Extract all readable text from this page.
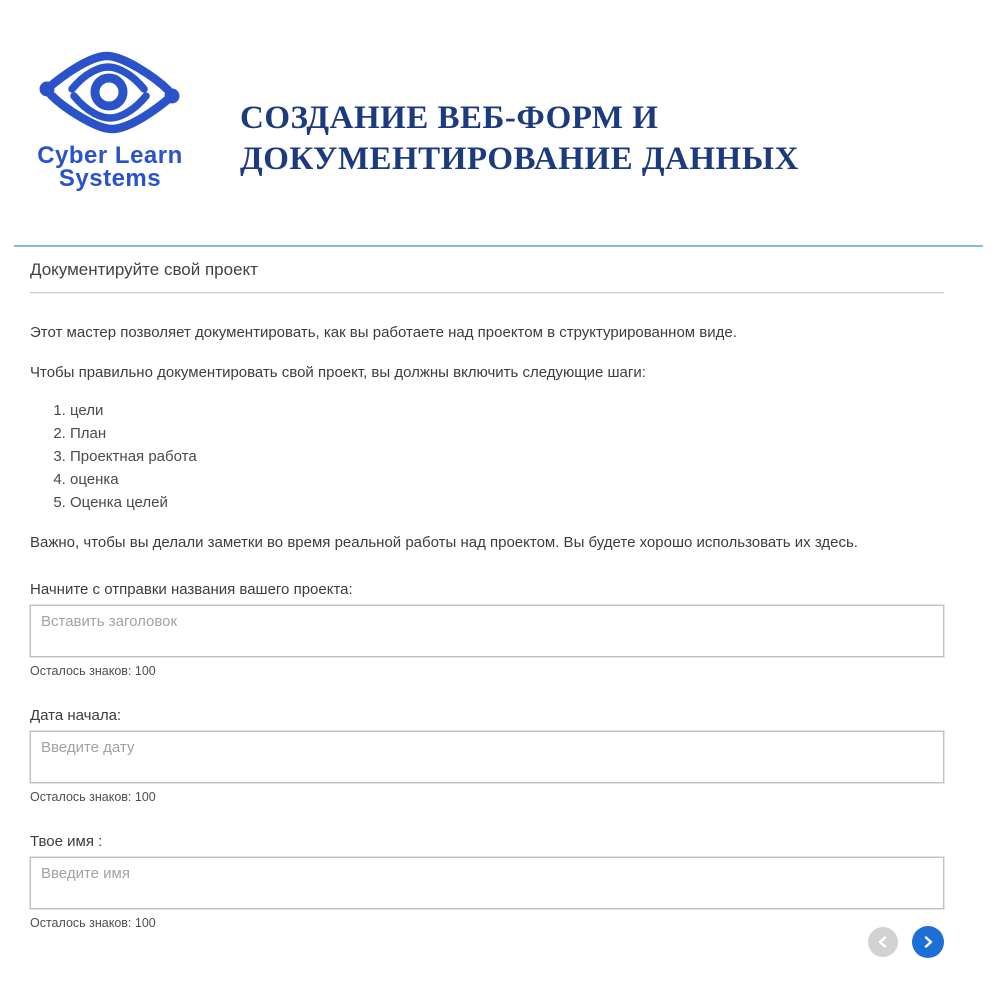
Cyber Learn
Systems
СОЗДАНИЕ ВЕБ-ФОРМ И
ДОКУМЕНТИРОВАНИЕ ДАННЫХ
Документируйте свой проект

Этот мастер позволяет документировать, как вы работаете над проектом в структурированном виде.

Чтобы правильно документировать свой проект, вы должны включить следующие шаги:

1. цели
2. План
3. Проектная работа
4. оценка
5. Оценка целей

Важно, чтобы вы делали заметки во время реальной работы над проектом. Вы будете хорошо использовать их здесь.

Начните с отправки названия вашего проекта:
Вставить заголовок
Осталось знаков: 100
Дата начала:
Введите дату
Осталось знаков: 100
Твое имя :
Введите имя
Осталось знаков: 100
